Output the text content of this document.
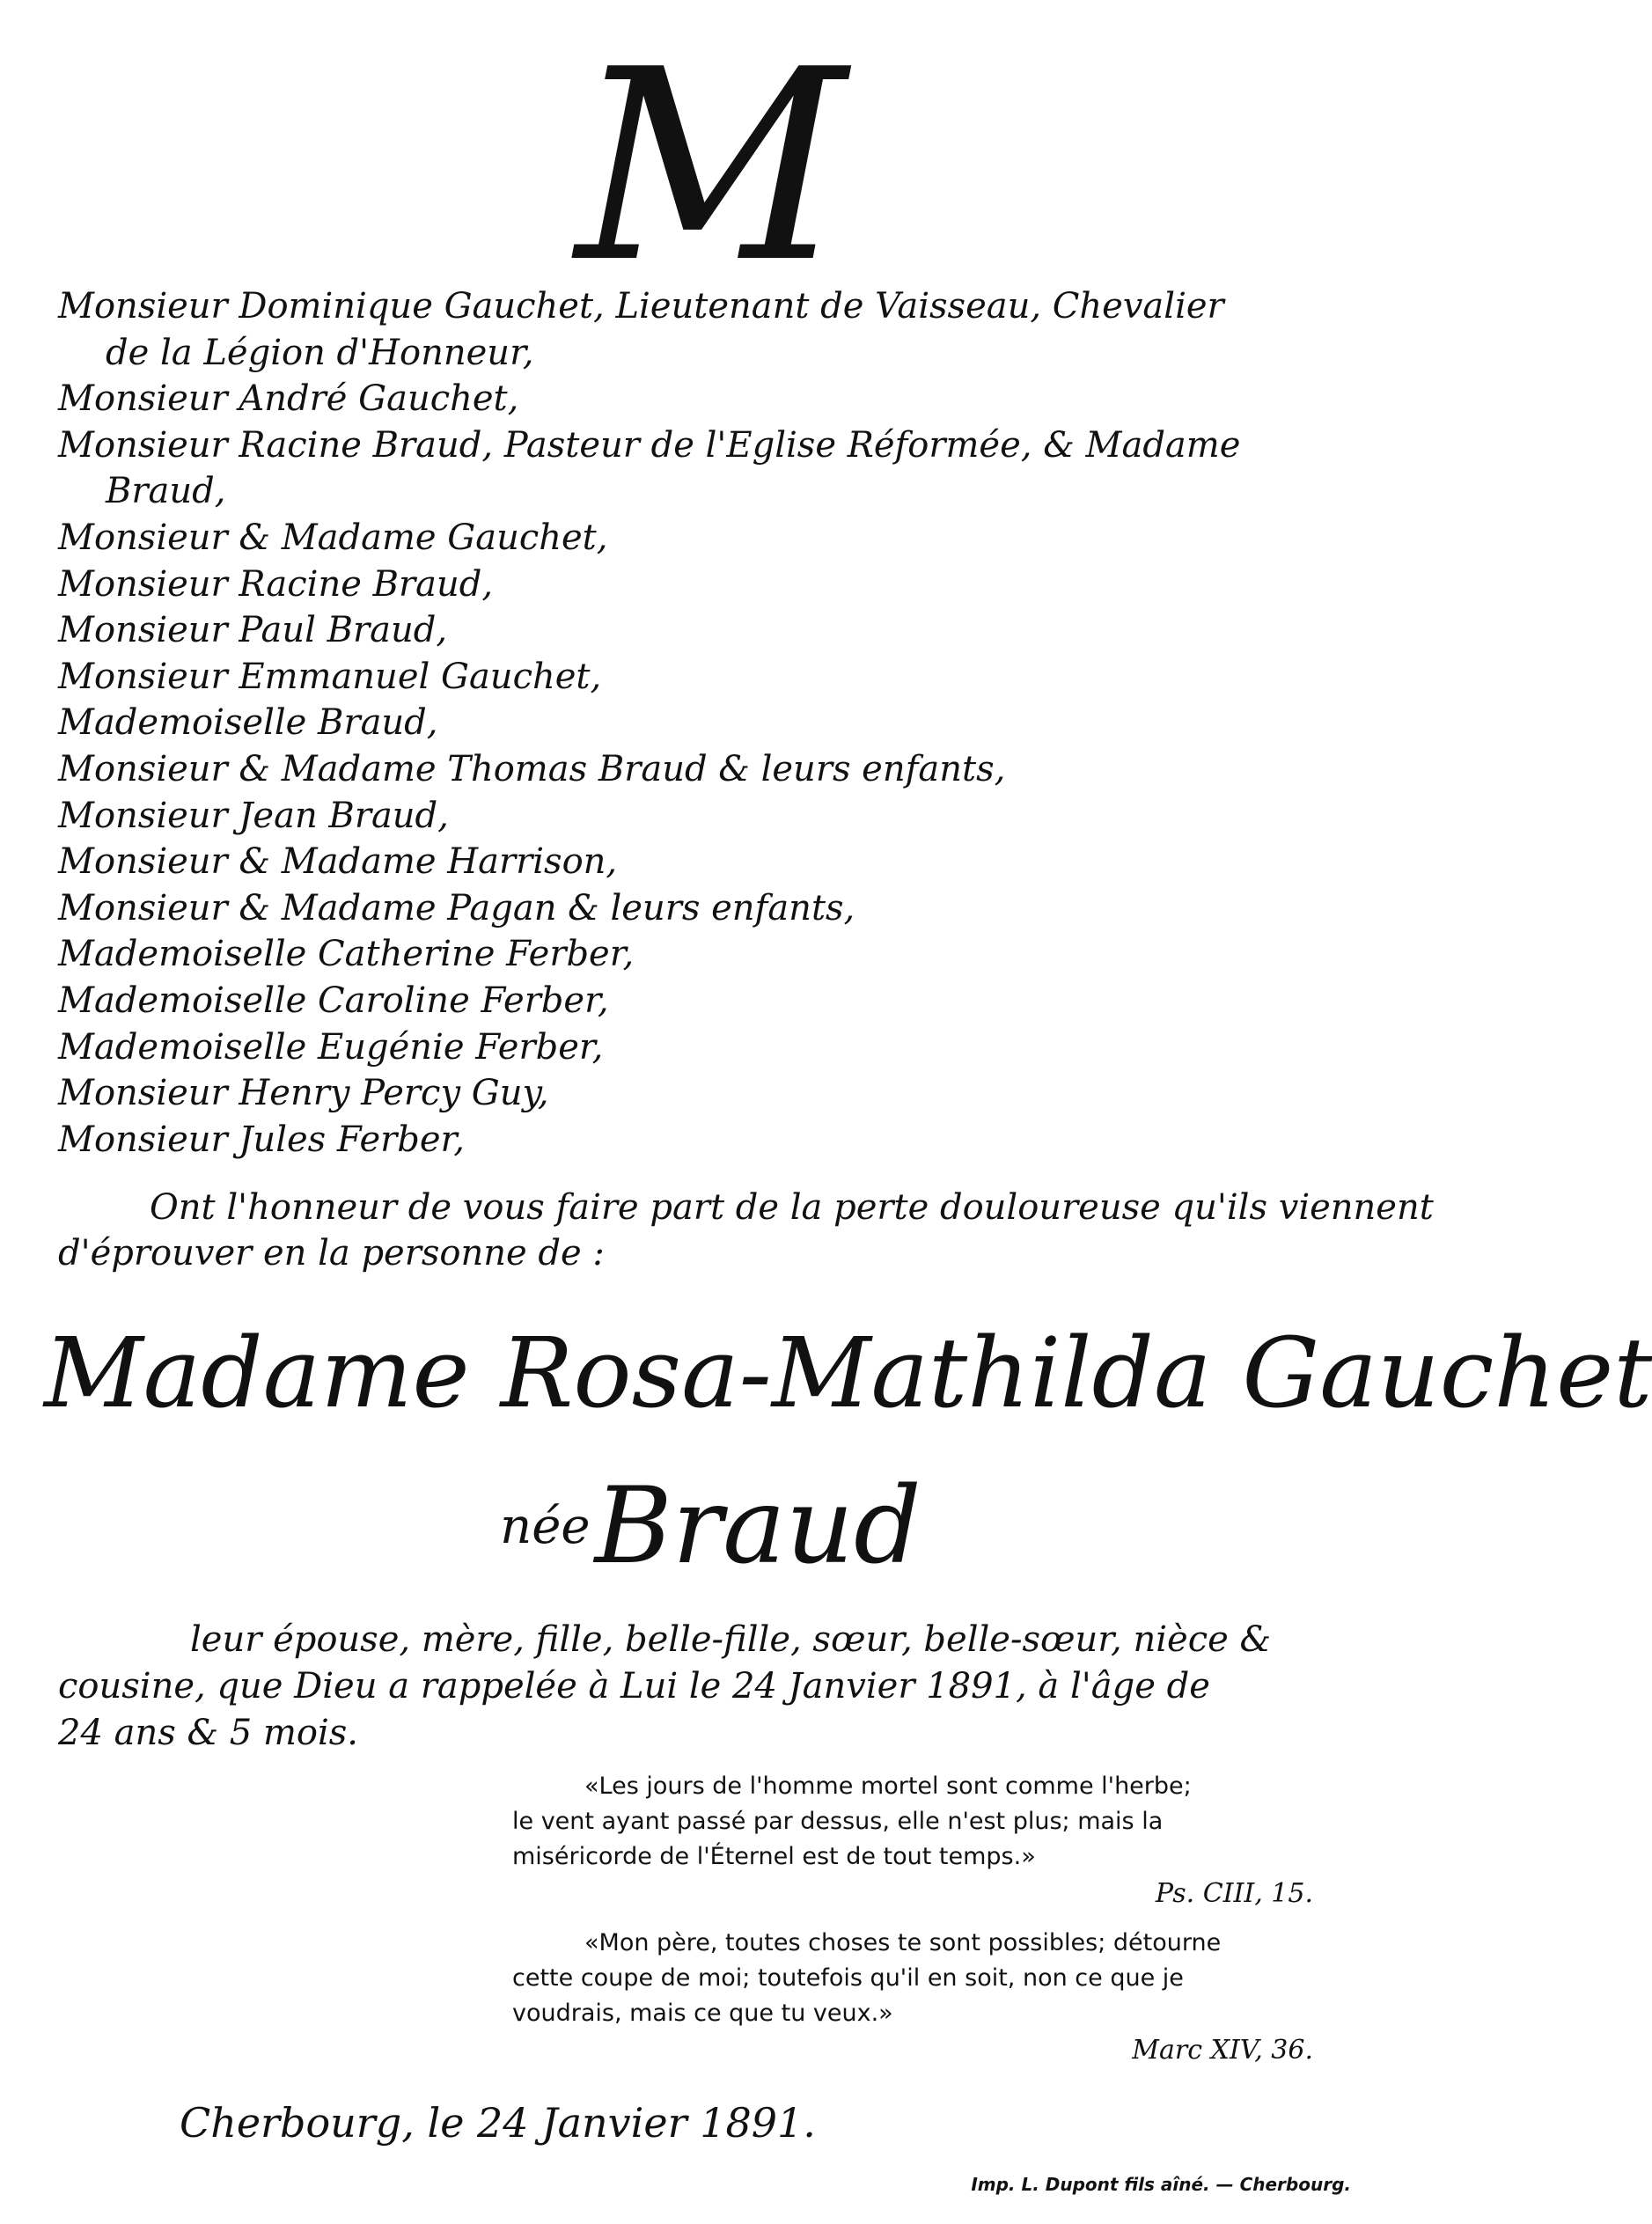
M
Monsieur Dominique Gauchet, Lieutenant de Vaisseau, Chevalier
de la Légion d'Honneur,
Monsieur André Gauchet,
Monsieur Racine Braud, Pasteur de l'Eglise Réformée, & Madame
Braud,
Monsieur & Madame Gauchet,
Monsieur Racine Braud,
Monsieur Paul Braud,
Monsieur Emmanuel Gauchet,
Mademoiselle Braud,
Monsieur & Madame Thomas Braud & leurs enfants,
Monsieur Jean Braud,
Monsieur & Madame Harrison,
Monsieur & Madame Pagan & leurs enfants,
Mademoiselle Catherine Ferber,
Mademoiselle Caroline Ferber,
Mademoiselle Eugénie Ferber,
Monsieur Henry Percy Guy,
Monsieur Jules Ferber,
Ont l'honneur de vous faire part de la perte douloureuse qu'ils viennent
d'éprouver en la personne de :
Madame Rosa-Mathilda Gauchet
née Braud
leur épouse, mère, fille, belle-fille, sœur, belle-sœur, nièce &
cousine, que Dieu a rappelée à Lui le 24 Janvier 1891, à l'âge de
24 ans & 5 mois.
«Les jours de l'homme mortel sont comme l'herbe;
le vent ayant passé par dessus, elle n'est plus; mais la
miséricorde de l'Éternel est de tout temps.»
Ps. CIII, 15.
«Mon père, toutes choses te sont possibles; détourne
cette coupe de moi; toutefois qu'il en soit, non ce que je
voudrais, mais ce que tu veux.»
Marc XIV, 36.
Cherbourg, le 24 Janvier 1891.
Imp. L. Dupont fils aîné. — Cherbourg.
